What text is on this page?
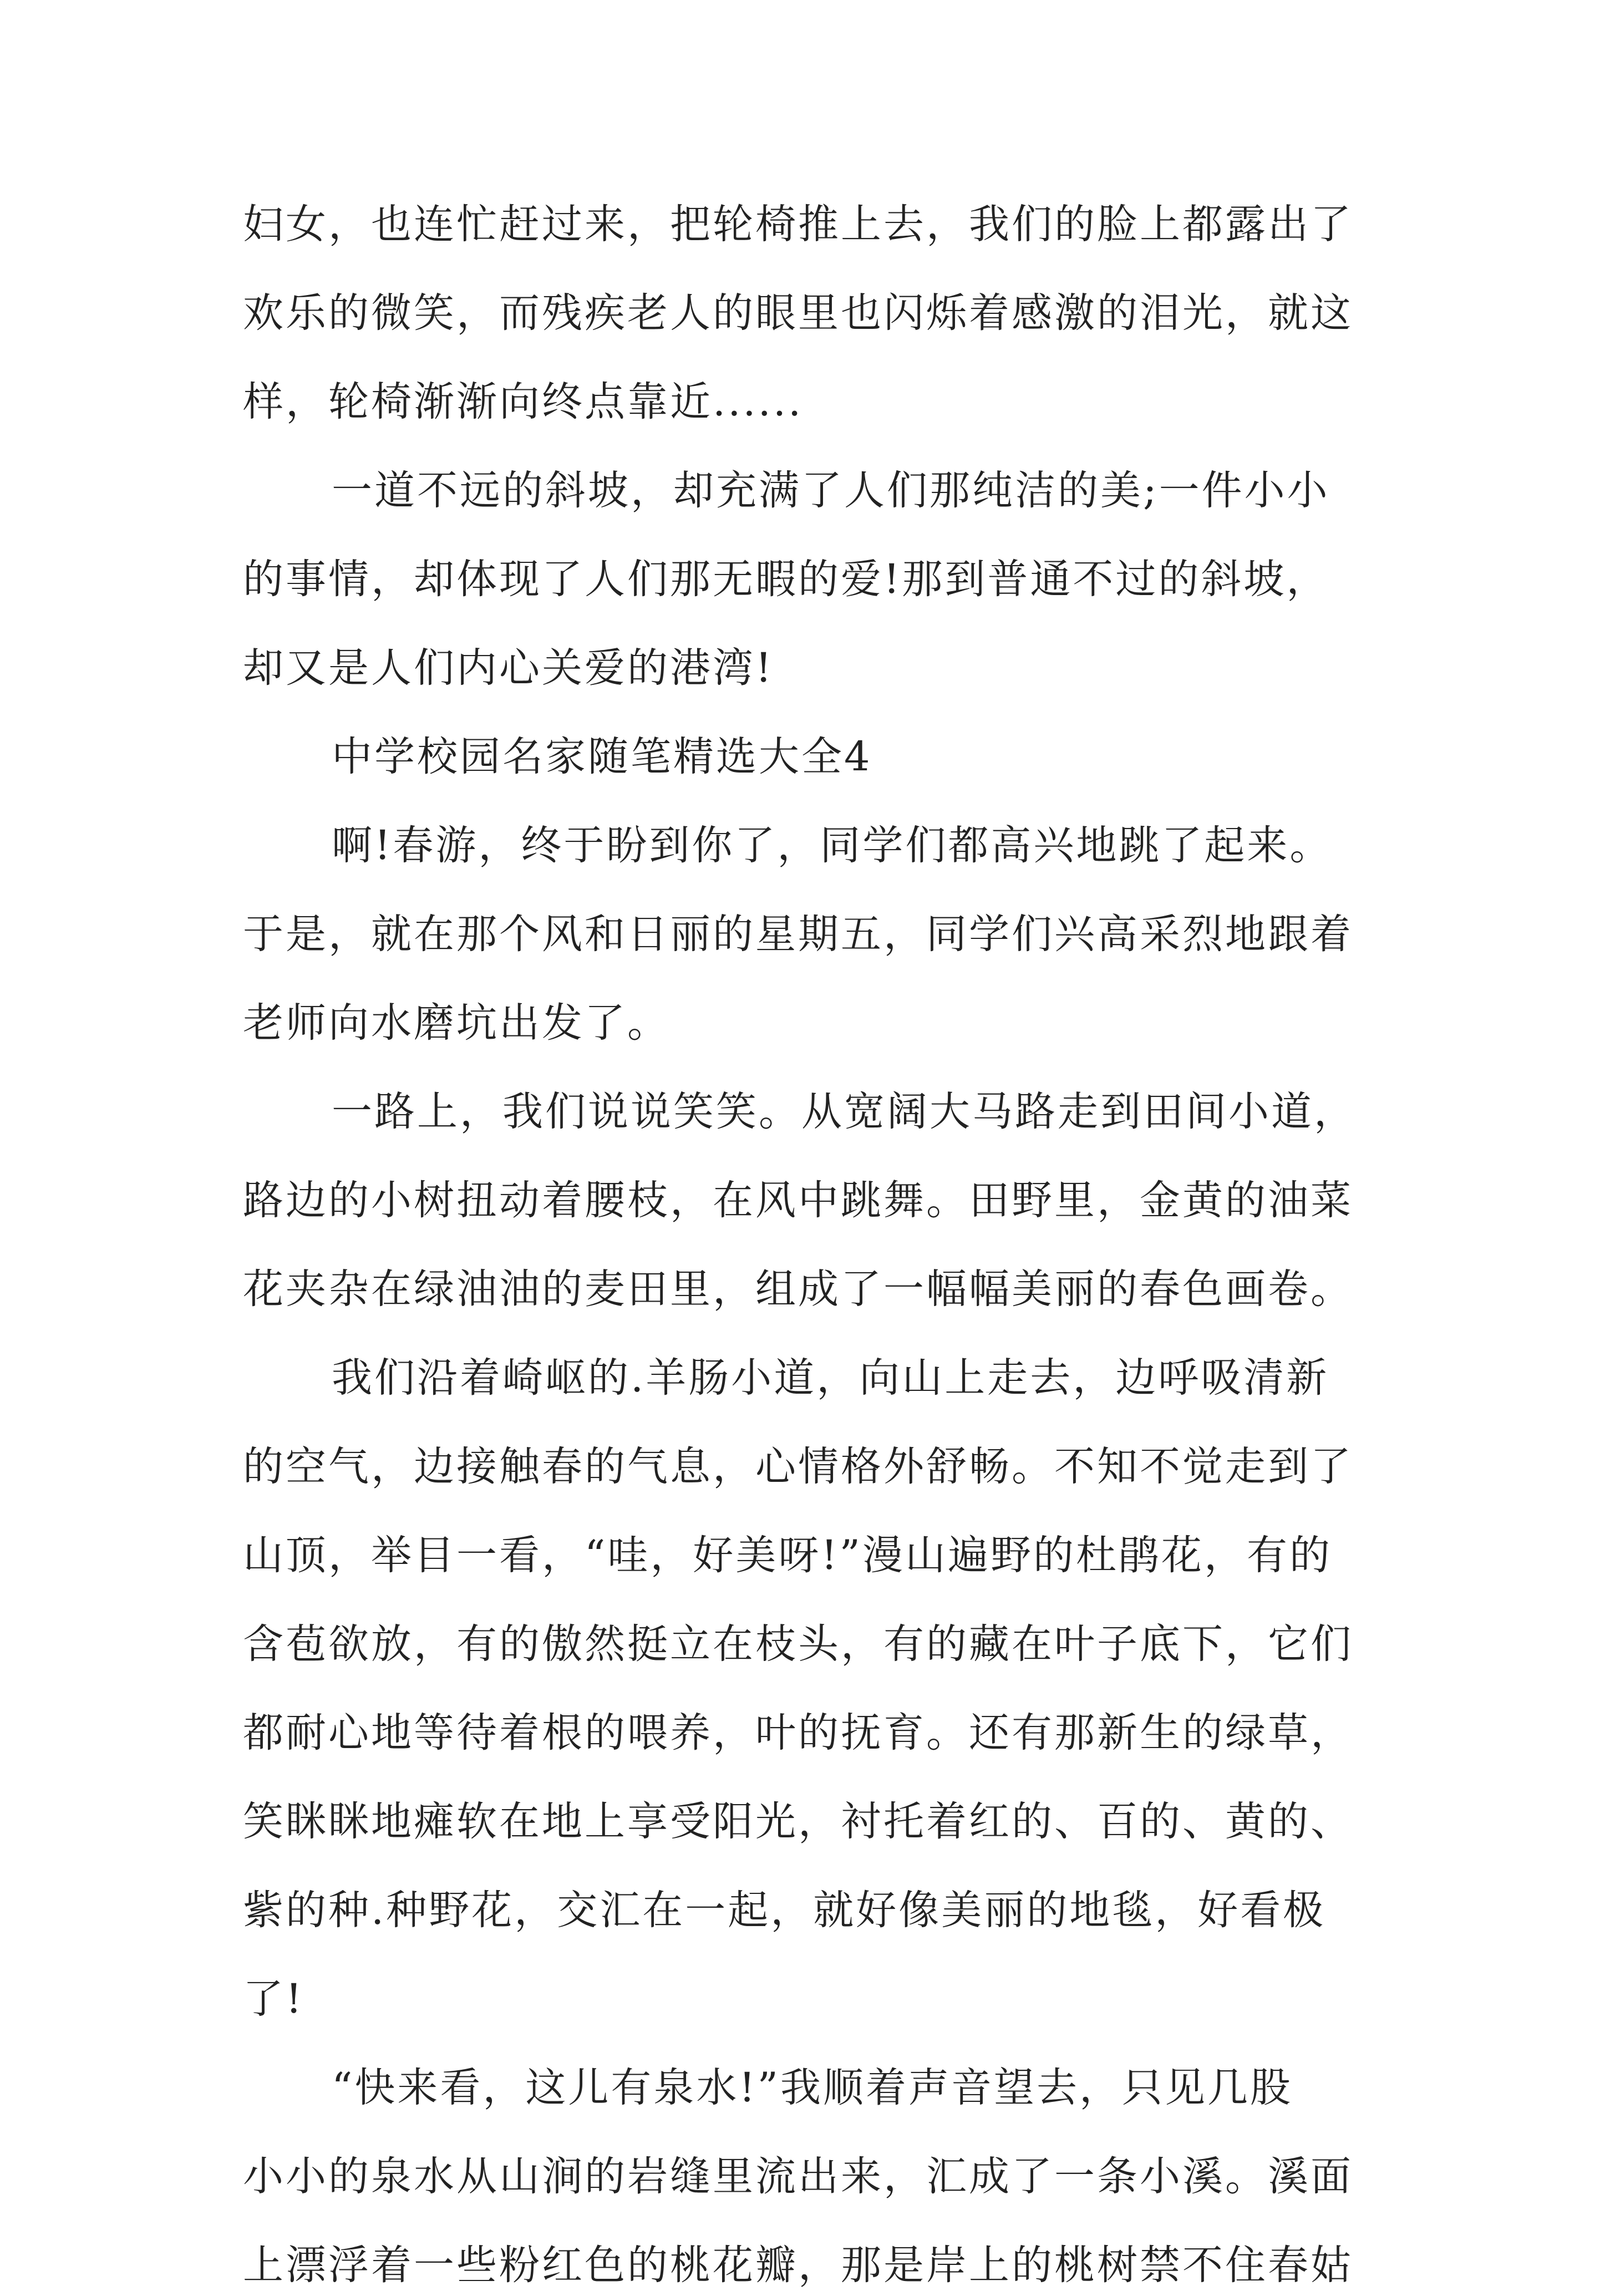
妇女，也连忙赶过来，把轮椅推上去，我们的脸上都露出了
欢乐的微笑，而残疾老人的眼里也闪烁着感激的泪光，就这
样，轮椅渐渐向终点靠近......
一道不远的斜坡，却充满了人们那纯洁的美;一件小小
的事情，却体现了人们那无暇的爱!那到普通不过的斜坡，
却又是人们内心关爱的港湾!
中学校园名家随笔精选大全4
啊!春游，终于盼到你了，同学们都高兴地跳了起来。
于是，就在那个风和日丽的星期五，同学们兴高采烈地跟着
老师向水磨坑出发了。
一路上，我们说说笑笑。从宽阔大马路走到田间小道，
路边的小树扭动着腰枝，在风中跳舞。田野里，金黄的油菜
花夹杂在绿油油的麦田里，组成了一幅幅美丽的春色画卷。
我们沿着崎岖的.羊肠小道，向山上走去，边呼吸清新
的空气，边接触春的气息，心情格外舒畅。不知不觉走到了
山顶，举目一看，“哇，好美呀!”漫山遍野的杜鹃花，有的
含苞欲放，有的傲然挺立在枝头，有的藏在叶子底下，它们
都耐心地等待着根的喂养，叶的抚育。还有那新生的绿草，
笑眯眯地瘫软在地上享受阳光，衬托着红的、百的、黄的、
紫的种.种野花，交汇在一起，就好像美丽的地毯，好看极
了!
“快来看，这儿有泉水!”我顺着声音望去，只见几股
小小的泉水从山涧的岩缝里流出来，汇成了一条小溪。溪面
上漂浮着一些粉红色的桃花瓣，那是岸上的桃树禁不住春姑
